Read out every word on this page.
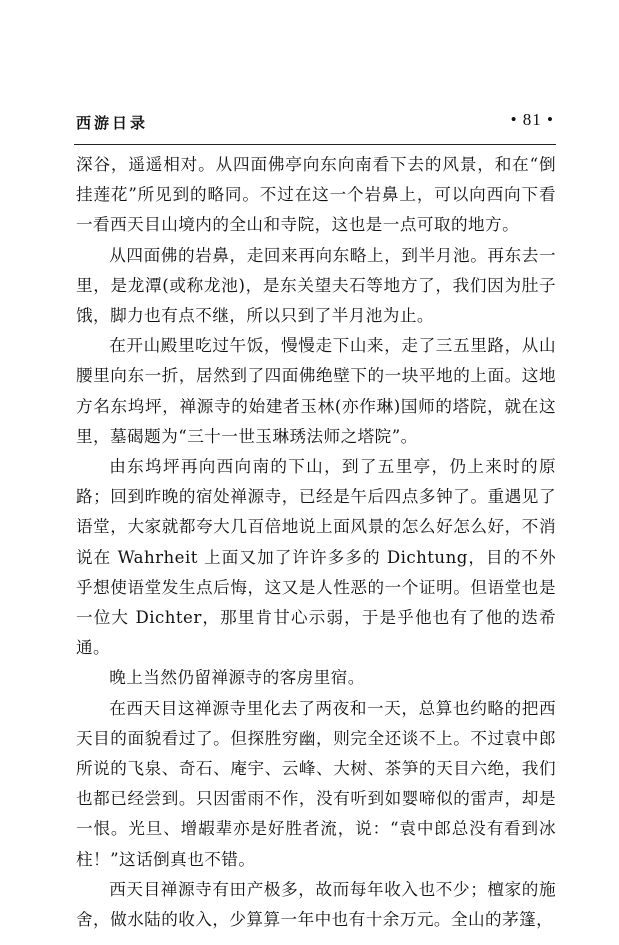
西游日录	• 81 •

深谷，遥遥相对。从四面佛亭向东向南看下去的风景，和在“倒挂莲花”所见到的略同。不过在这一个岩鼻上，可以向西向下看一看西天目山境内的全山和寺院，这也是一点可取的地方。

从四面佛的岩鼻，走回来再向东略上，到半月池。再东去一里，是龙潭(或称龙池)，是东关望夫石等地方了，我们因为肚子饿，脚力也有点不继，所以只到了半月池为止。

在开山殿里吃过午饭，慢慢走下山来，走了三五里路，从山腰里向东一折，居然到了四面佛绝壁下的一块平地的上面。这地方名东坞坪，禅源寺的始建者玉林(亦作琳)国师的塔院，就在这里，墓碣题为“三十一世玉琳琇法师之塔院”。

由东坞坪再向西向南的下山，到了五里亭，仍上来时的原路；回到昨晚的宿处禅源寺，已经是午后四点多钟了。重遇见了语堂，大家就都夸大几百倍地说上面风景的怎么好怎么好，不消说在 Wahrheit 上面又加了许许多多的 Dichtung，目的不外乎想使语堂发生点后悔，这又是人性恶的一个证明。但语堂也是一位大 Dichter，那里肯甘心示弱，于是乎他也有了他的迭希通。

晚上当然仍留禅源寺的客房里宿。

在西天目这禅源寺里化去了两夜和一天，总算也约略的把西天目的面貌看过了。但探胜穷幽，则完全还谈不上。不过袁中郎所说的飞泉、奇石、庵宇、云峰、大树、茶笋的天目六绝，我们也都已经尝到。只因雷雨不作，没有听到如婴啼似的雷声，却是一恨。光旦、增嘏辈亦是好胜者流，说：“袁中郎总没有看到冰柱！”这话倒真也不错。

西天目禅源寺有田产极多，故而每年收入也不少；檀家的施舍，做水陆的收入，少算算一年中也有十余万元。全山的茅篷，
